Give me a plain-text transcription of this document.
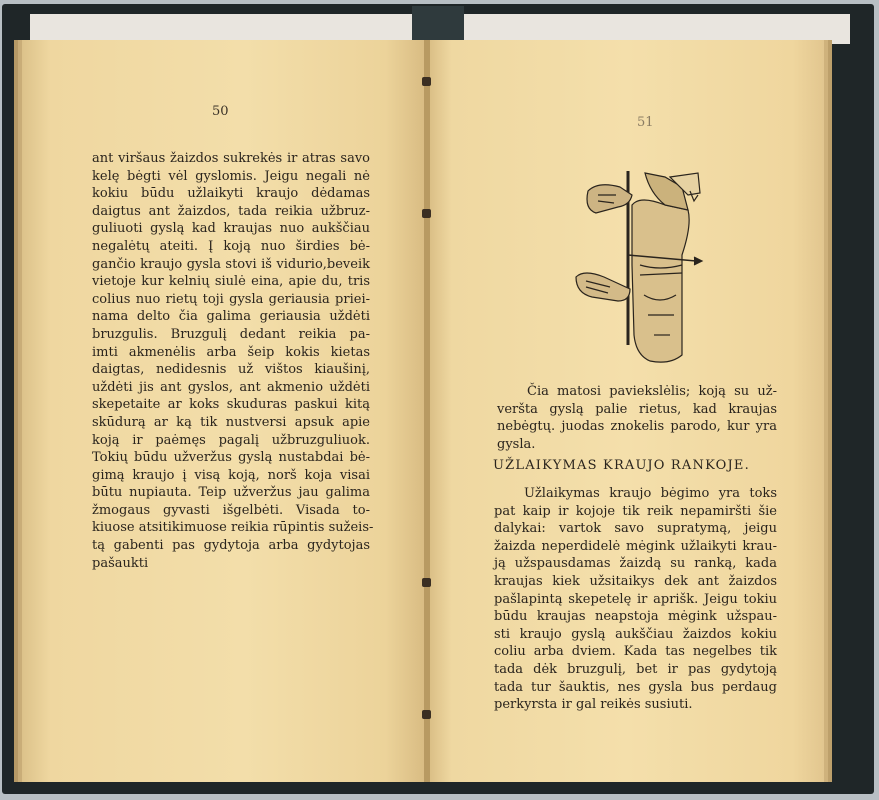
50
51
ant viršaus žaizdos sukrekės ir atras savo
kelę bėgti vėl gyslomis. Jeigu negali nė
kokiu būdu užlaikyti kraujo dėdamas
daigtus ant žaizdos, tada reikia užbruz-
guliuoti gyslą kad kraujas nuo aukščiau
negalėtų ateiti. Į koją nuo širdies bė-
gančio kraujo gysla stovi iš vidurio,beveik
vietoje kur kelnių siulė eina, apie du, tris
colius nuo rietų toji gysla geriausia priei-
nama delto čia galima geriausia uždėti
bruzgulis. Bruzgulį dedant reikia pa-
imti akmenėlis arba šeip kokis kietas
daigtas, nedidesnis už vištos kiaušinį,
uždėti jis ant gyslos, ant akmenio uždėti
skepetaite ar koks skuduras paskui kitą
skūdurą ar ką tik nustversi apsuk apie
koją ir paėmęs pagalį užbruzguliuok.
Tokių būdu užveržus gyslą nustabdai bė-
gimą kraujo į visą koją, norš koja visai
būtu nupiauta. Teip užveržus jau galima
žmogaus gyvasti išgelbėti. Visada to-
kiuose atsitikimuose reikia rūpintis sužeis-
tą gabenti pas gydytoja arba gydytojas
pašaukti
Čia matosi paviekslėlis; koją su už-
veršta gyslą palie rietus, kad kraujas
nebėgtų. juodas znokelis parodo, kur yra
gysla.
UŽLAIKYMAS KRAUJO RANKOJE.
Užlaikymas kraujo bėgimo yra toks
pat kaip ir kojoje tik reik nepamiršti šie
dalykai: vartok savo supratymą, jeigu
žaizda neperdidelė mėgink užlaikyti krau-
ją užspausdamas žaizdą su ranką, kada
kraujas kiek užsitaikys dek ant žaizdos
pašlapintą skepetelę ir aprišk. Jeigu tokiu
būdu kraujas neapstoja mėgink užspau-
sti kraujo gyslą aukščiau žaizdos kokiu
coliu arba dviem. Kada tas negelbes tik
tada dėk bruzgulį, bet ir pas gydytoją
tada tur šauktis, nes gysla bus perdaug
perkyrsta ir gal reikės susiuti.
